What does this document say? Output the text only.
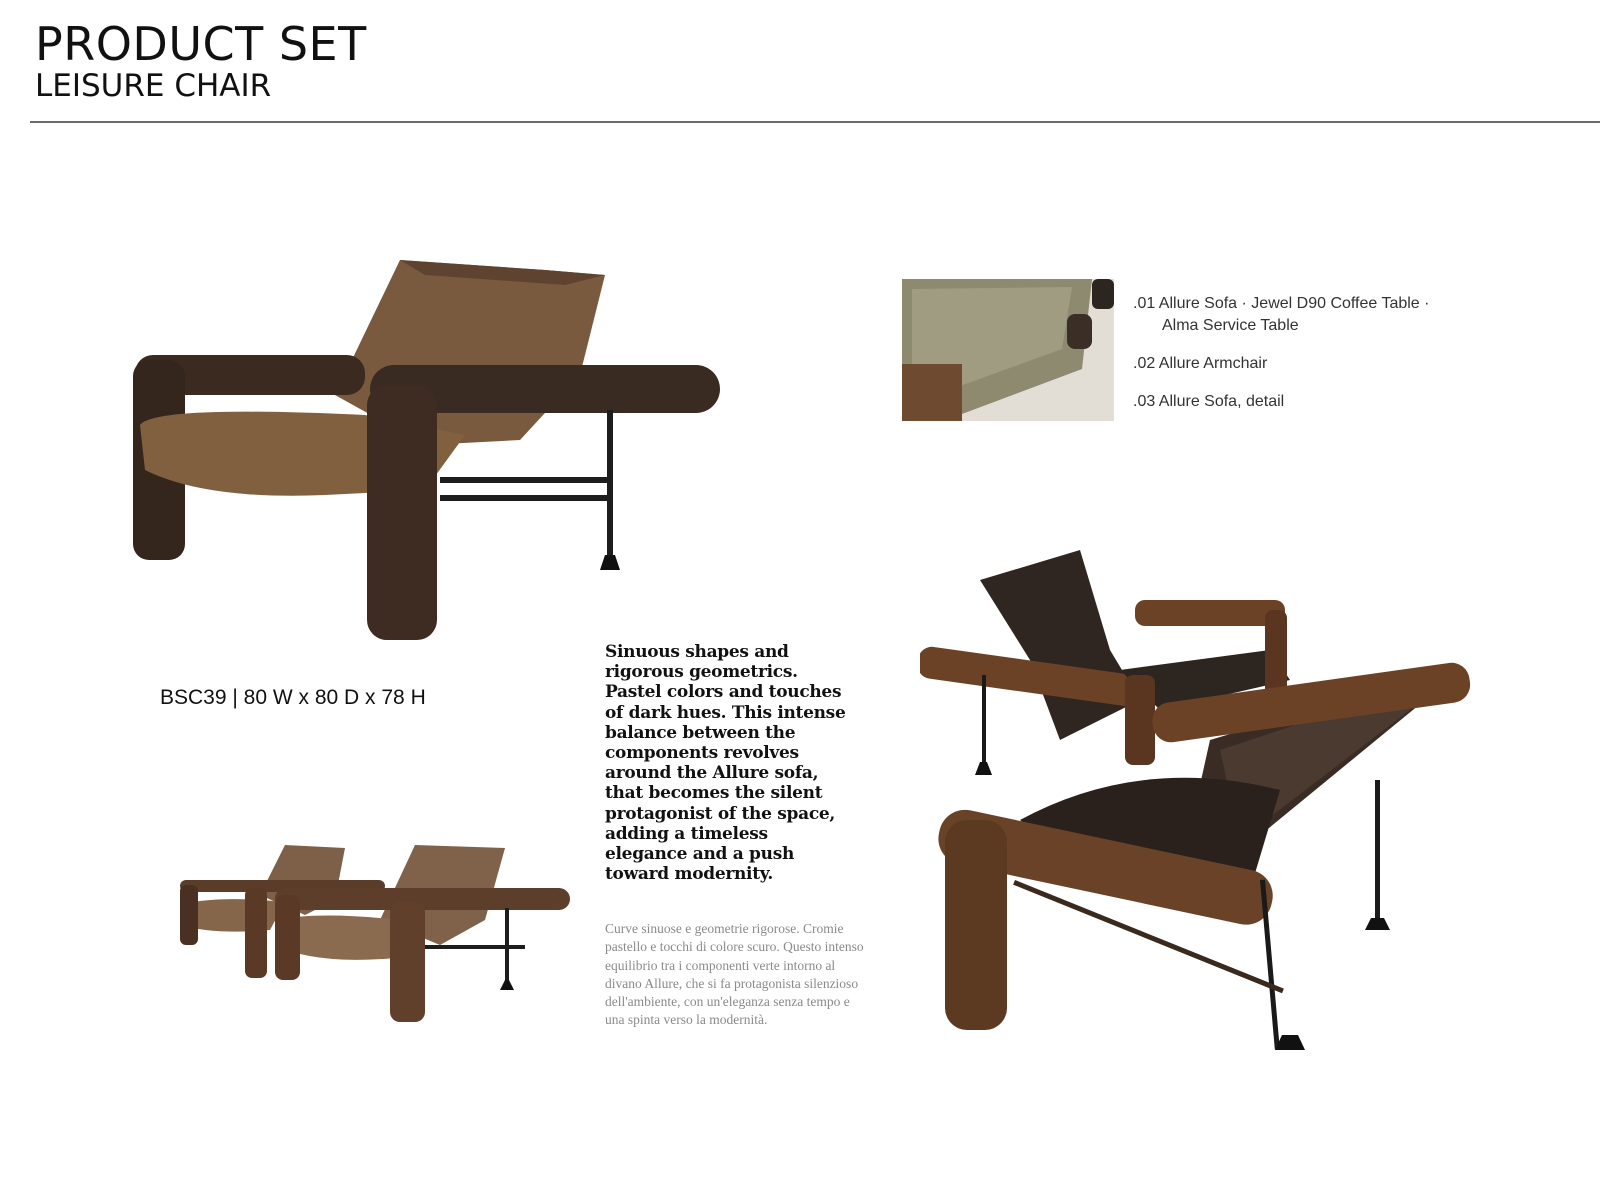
PRODUCT SET
LEISURE CHAIR
BSC39 | 80 W x 80 D x 78 H
.01 Allure Sofa · Jewel D90 Coffee Table ·
Alma Service Table
.02 Allure Armchair
.03 Allure Sofa, detail
Sinuous shapes and rigorous geometrics. Pastel colors and touches of dark hues. This intense balance between the components revolves around the Allure sofa, that becomes the silent protagonist of the space, adding a timeless elegance and a push toward modernity.
Curve sinuose e geometrie rigorose. Cromie pastello e tocchi di colore scuro. Questo intenso equilibrio tra i componenti verte intorno al divano Allure, che si fa protagonista silenzioso dell'ambiente, con un'eleganza senza tempo e una spinta verso la modernità.
